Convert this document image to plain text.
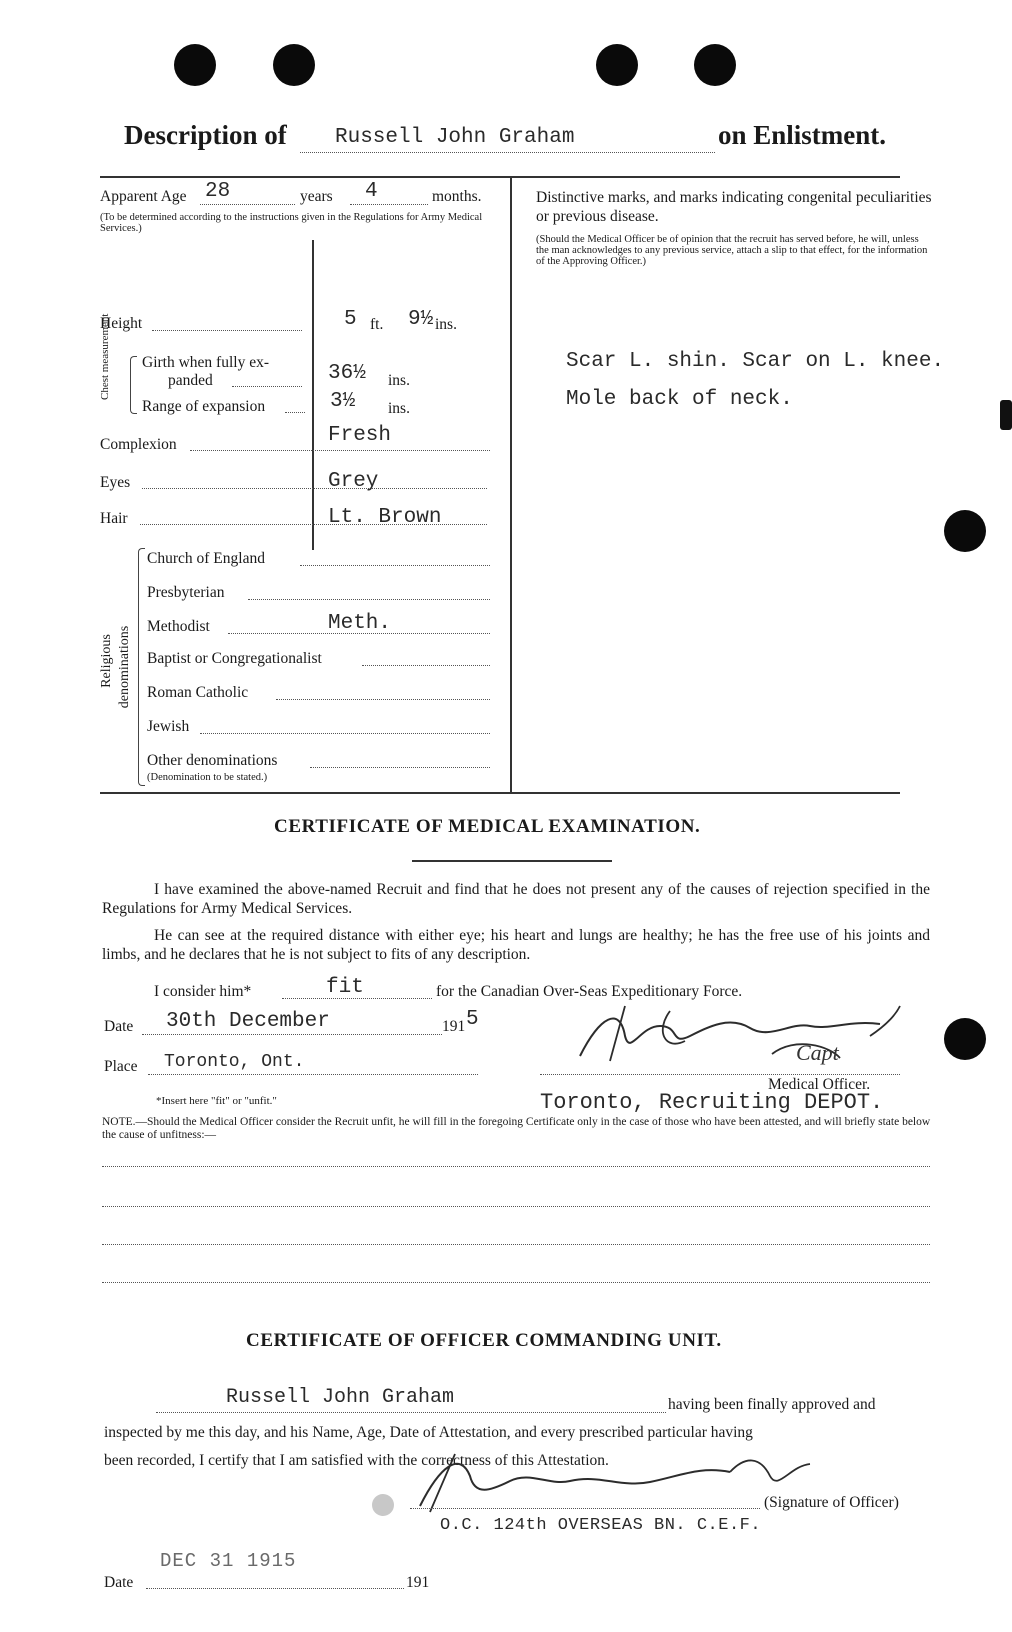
Description of Russell John Graham	on Enlistment.
Apparent Age 28	years 4	months.
(To be determined according to the instructions given in the Regulations for Army Medical Services.)
Distinctive marks, and marks indicating congenital peculiarities or previous disease.
(Should the Medical Officer be of opinion that the recruit has served before, he will, unless the man acknowledges to any previous service, attach a slip to that effect, for the information of the Approving Officer.)
Scar L. shin. Scar on L. knee.
Mole back of neck.
Height	5 ft. 9½ ins.
Chest measurement Girth when fully ex-
panded	36½ ins.
Range of expansion	3½ ins.
Complexion	Fresh
Eyes	Grey
Hair	Lt. Brown
Religious denominations
Church of England
Presbyterian
Methodist	Meth.
Baptist or Congregationalist
Roman Catholic
Jewish
Other denominations
(Denomination to be stated.)
CERTIFICATE OF MEDICAL EXAMINATION.
I have examined the above-named Recruit and find that he does not present any of the causes of rejection specified in the Regulations for Army Medical Services.
He can see at the required distance with either eye; his heart and lungs are healthy; he has the free use of his joints and limbs, and he declares that he is not subject to fits of any description.
I consider him*	fit	for the Canadian Over-Seas Expeditionary Force.
Date 30th December	191 5
Place Toronto, Ont.	Capt
Medical Officer.
Toronto, Recruiting DEPOT.
*Insert here "fit" or "unfit."
NOTE.—Should the Medical Officer consider the Recruit unfit, he will fill in the foregoing Certificate only in the case of those who have been attested, and will briefly state below the cause of unfitness:—
CERTIFICATE OF OFFICER COMMANDING UNIT.
Russell John Graham	having been finally approved and
inspected by me this day, and his Name, Age, Date of Attestation, and every prescribed particular having
been recorded, I certify that I am satisfied with the correctness of this Attestation.
(Signature of Officer)
O.C. 124th OVERSEAS BN. C.E.F.
Date
DEC 31 1915
191
